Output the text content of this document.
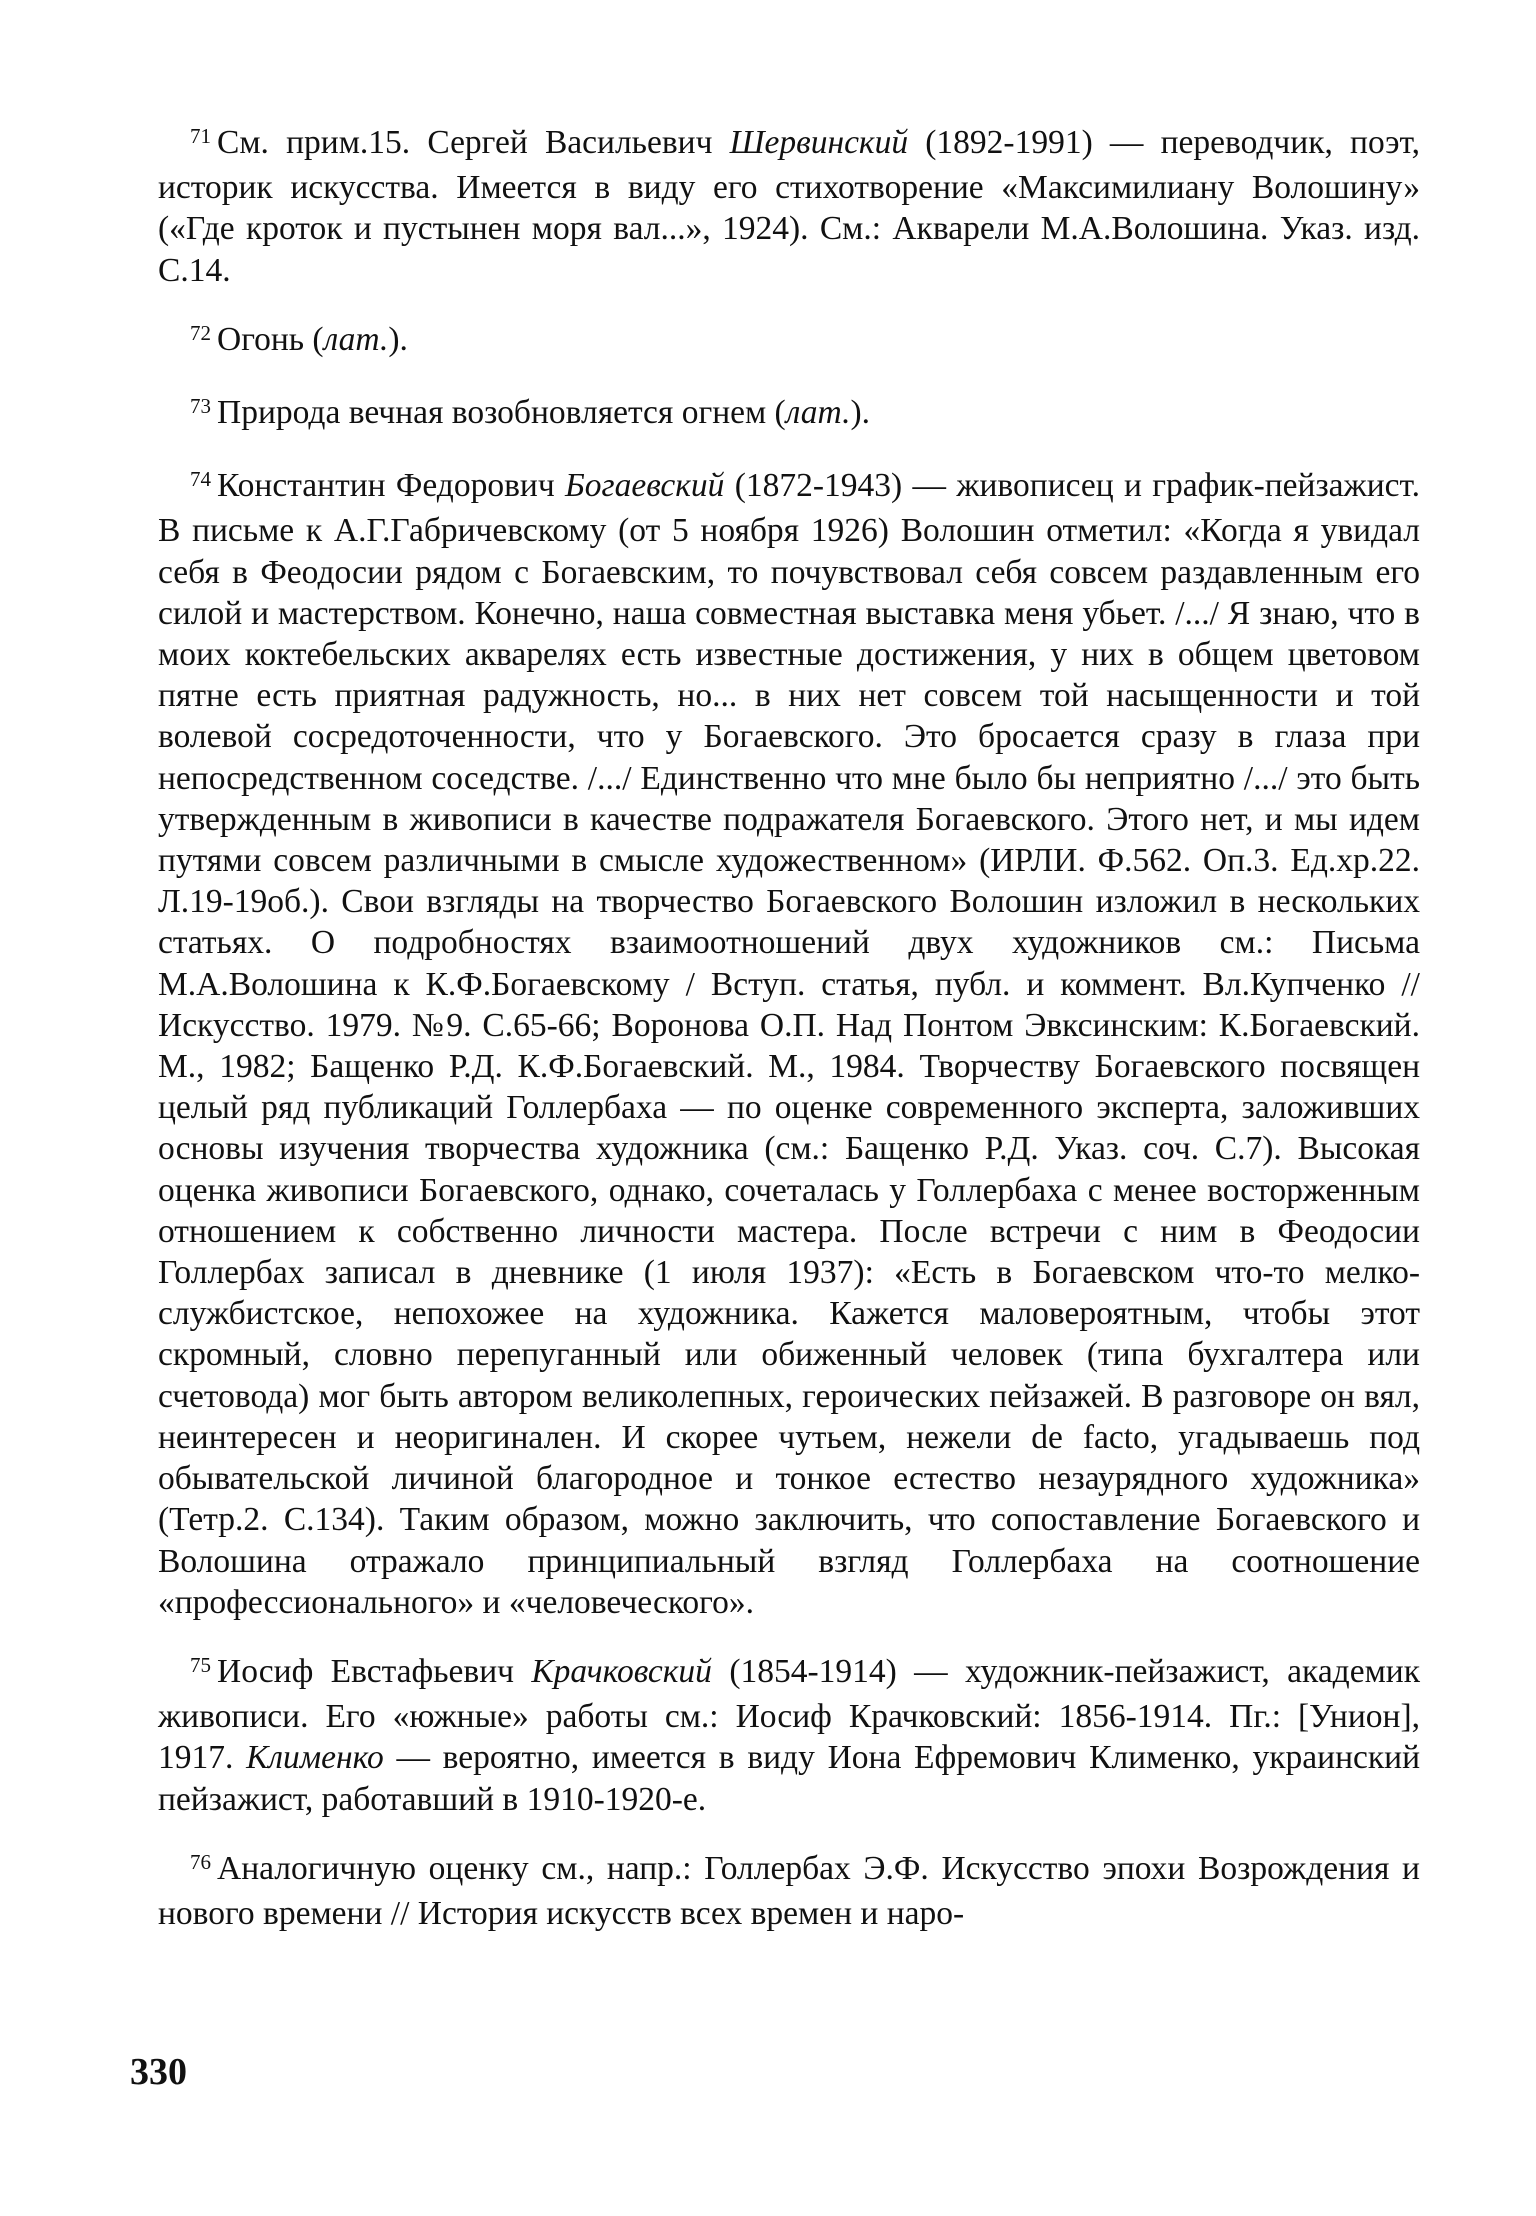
$^{71}$ См. прим.15. Сергей Васильевич Шервинский (1892-1991) — переводчик, поэт, историк искусства. Имеется в виду его стихотворение «Максимилиану Волошину» («Где кроток и пустынен моря вал...», 1924). См.: Акварели М.А.Волошина. Указ. изд. С.14.

$^{72}$ Огонь (лат.).

$^{73}$ Природа вечная возобновляется огнем (лат.).

$^{74}$ Константин Федорович Богаевский (1872-1943) — живописец и график-пейзажист. В письме к А.Г.Габричевскому (от 5 ноября 1926) Волошин отметил: «Когда я увидал себя в Феодосии рядом с Богаевским, то почувствовал себя совсем раздавленным его силой и мастерством. Конечно, наша совместная выставка меня убьет. /.../ Я знаю, что в моих коктебельских акварелях есть известные достижения, у них в общем цветовом пятне есть приятная радужность, но... в них нет совсем той насыщенности и той волевой сосредоточенности, что у Богаевского. Это бросается сразу в глаза при непосредственном соседстве. /.../ Единственно что мне было бы неприятно /.../ это быть утвержденным в живописи в качестве подражателя Богаевского. Этого нет, и мы идем путями совсем различными в смысле художественном» (ИРЛИ. Ф.562. Оп.3. Ед.хр.22. Л.19-19об.). Свои взгляды на творчество Богаевского Волошин изложил в нескольких статьях. О подробностях взаимоотношений двух художников см.: Письма М.А.Волошина к К.Ф.Богаевскому / Вступ. статья, публ. и коммент. Вл.Купченко // Искусство. 1979. №9. С.65-66; Воронова О.П. Над Понтом Эвксинским: К.Богаевский. М., 1982; Бащенко Р.Д. К.Ф.Богаевский. М., 1984. Творчеству Богаевского посвящен целый ряд публикаций Голлербаха — по оценке современного эксперта, заложивших основы изучения творчества художника (см.: Бащенко Р.Д. Указ. соч. С.7). Высокая оценка живописи Богаевского, однако, сочеталась у Голлербаха с менее восторженным отношением к собственно личности мастера. После встречи с ним в Феодосии Голлербах записал в дневнике (1 июля 1937): «Есть в Богаевском что-то мелко-службистское, непохожее на художника. Кажется маловероятным, чтобы этот скромный, словно перепуганный или обиженный человек (типа бухгалтера или счетовода) мог быть автором великолепных, героических пейзажей. В разговоре он вял, неинтересен и неоригинален. И скорее чутьем, нежели de facto, угадываешь под обывательской личиной благородное и тонкое естество незаурядного художника» (Тетр.2. С.134). Таким образом, можно заключить, что сопоставление Богаевского и Волошина отражало принципиальный взгляд Голлербаха на соотношение «профессионального» и «человеческого».

$^{75}$ Иосиф Евстафьевич Крачковский (1854-1914) — художник-пейзажист, академик живописи. Его «южные» работы см.: Иосиф Крачковский: 1856-1914. Пг.: [Унион], 1917. Клименко — вероятно, имеется в виду Иона Ефремович Клименко, украинский пейзажист, работавший в 1910-1920-е.

$^{76}$ Аналогичную оценку см., напр.: Голлербах Э.Ф. Искусство эпохи Возрождения и нового времени // История искусств всех времен и наро-

330
